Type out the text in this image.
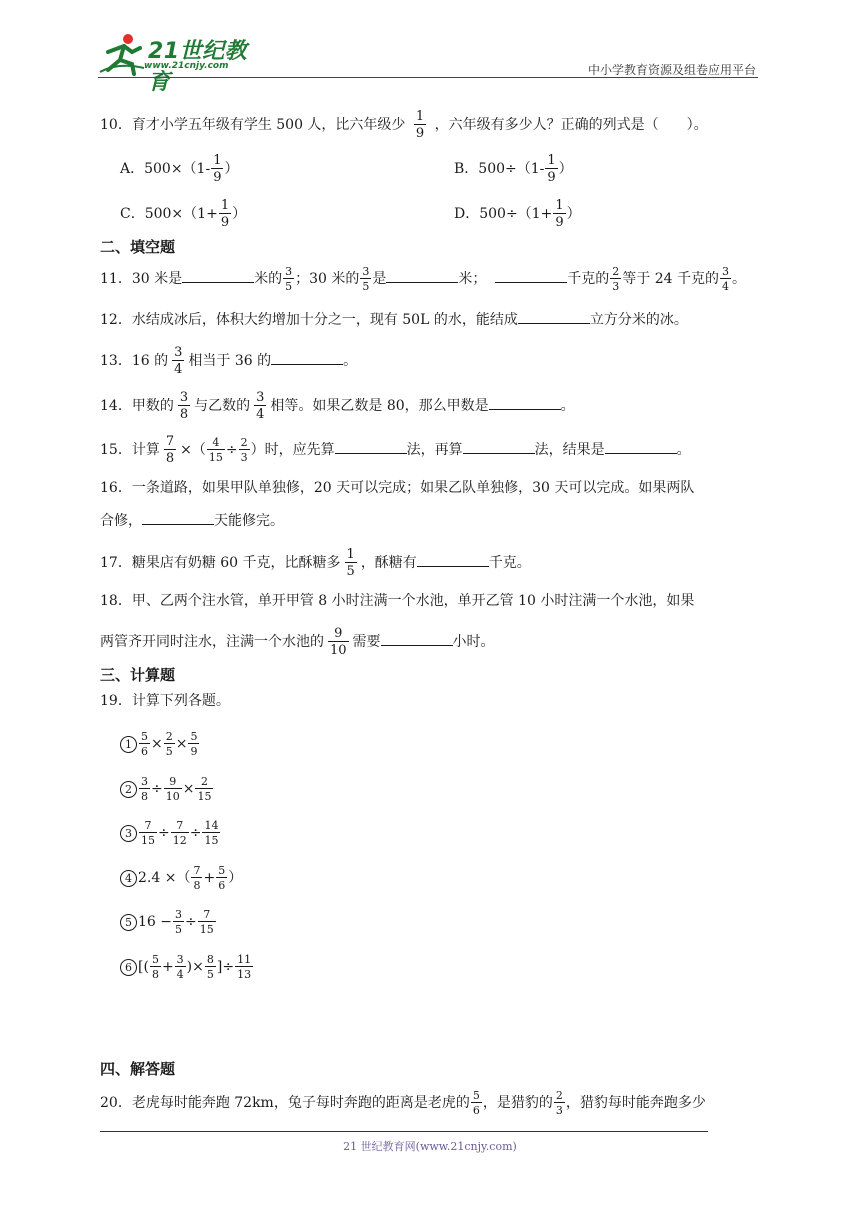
21世纪教育
www.21cnjy.com	中小学教育资源及组卷应用平台
10．育才小学五年级有学生 500 人，比六年级少 $\frac{1}{9}$ ，六年级有多少人？正确的列式是（　　）。
A．$500\times(1- \frac{1}{9}$ ）	B．$500\div(1- \frac{1}{9}$ ）
C．$500\times(1+ \frac{1}{9}$ ）	D．$500\div(1+ \frac{1}{9}$ ）
二、填空题
11．30 米是	米的 $\frac{3}{5}$ ；30 米的 $\frac{3}{5}$ 是	米；	千克的 $\frac{2}{3}$ 等于 24 千克的 $\frac{3}{4}$ 。
12．水结成冰后，体积大约增加十分之一，现有 50L 的水，能结成	立方分米的冰。
13．16 的 $\frac{3}{4}$ 相当于 36 的	。
14．甲数的 $\frac{3}{8}$ 与乙数的 $\frac{3}{4}$ 相等。如果乙数是 80，那么甲数是	。
15．计算 $\frac{7}{8}$ ×（ $\frac{4}{15} \div \frac{2}{3}$ ）时，应先算	法，再算	法，结果是	。
16．一条道路，如果甲队单独修，20 天可以完成；如果乙队单独修，30 天可以完成。如果两队
合修，	天能修完。
17．糖果店有奶糖 60 千克，比酥糖多 $\frac{1}{5}$ ，酥糖有	千克。
18．甲、乙两个注水管，单开甲管 8 小时注满一个水池，单开乙管 10 小时注满一个水池，如果
两管齐开同时注水，注满一个水池的 $\frac{9}{10}$ 需要	小时。
三、计算题
19．计算下列各题。
$1 \frac{5}{6} \times \frac{2}{5} \times \frac{5}{9}$
$2 \frac{3}{8} \div \frac{9}{10} \times \frac{2}{15}$
$3 \frac{7}{15} \div \frac{7}{12} \div \frac{14}{15}$
4 2.4 ×（ $\frac{7}{8} + \frac{5}{6}$ ）
5 $16 - \frac{3}{5} \div \frac{7}{15}$
6 [( $\frac{5}{8} + \frac{3}{4}$ )× $\frac{8}{5}$ ]÷ $\frac{11}{13}$
四、解答题
20．老虎每时能奔跑 72km，兔子每时奔跑的距离是老虎的 $\frac{5}{6}$ ，是猎豹的 $\frac{2}{3}$ ，猎豹每时能奔跑多少
21 世纪教育网(www.21cnjy.com)
